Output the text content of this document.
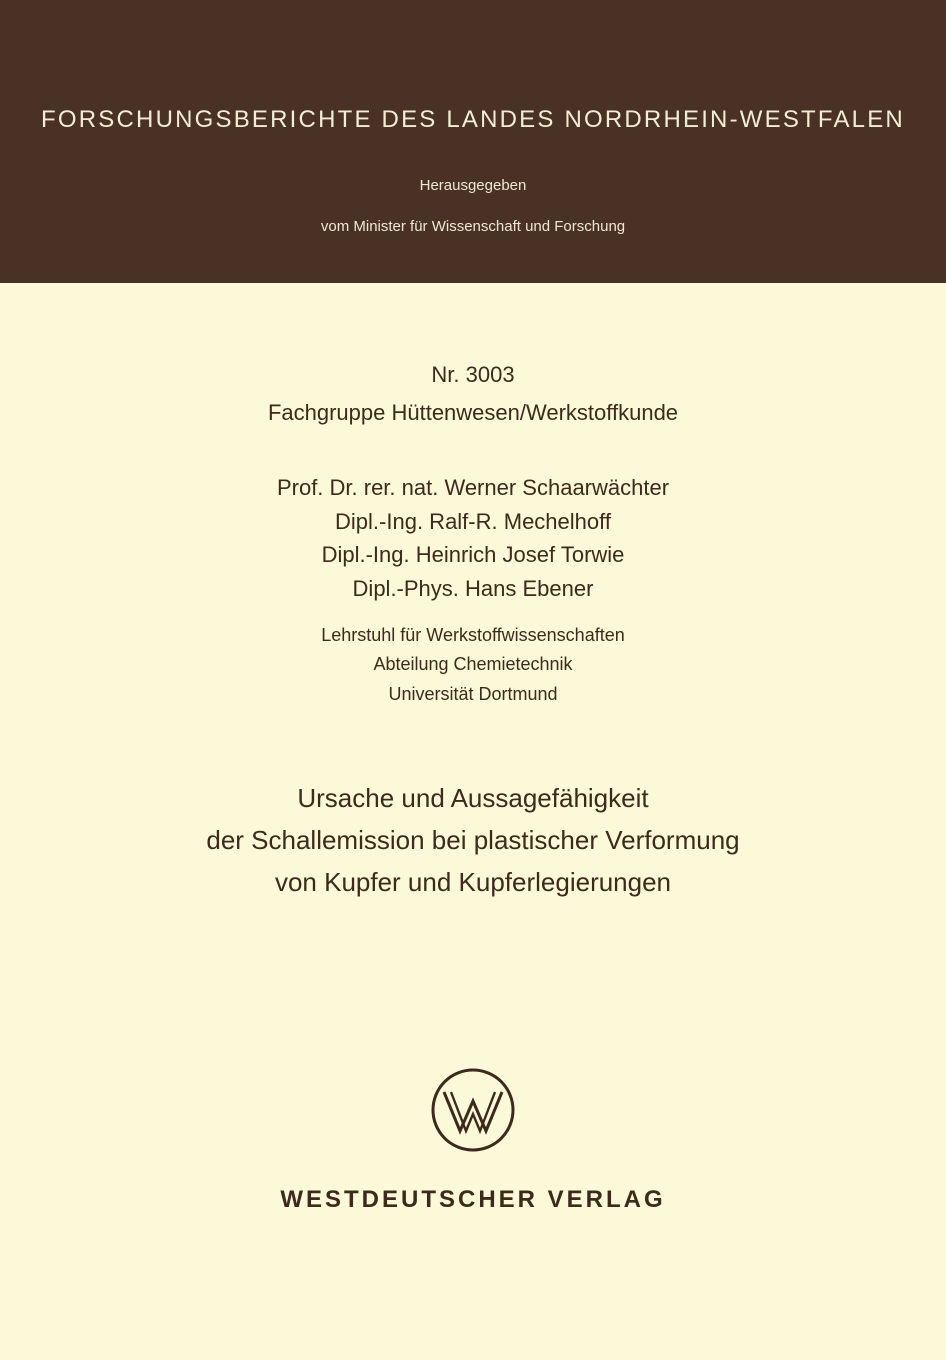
FORSCHUNGSBERICHTE DES LANDES NORDRHEIN-WESTFALEN
Herausgegeben
vom Minister für Wissenschaft und Forschung
Nr. 3003
Fachgruppe Hüttenwesen/Werkstoffkunde
Prof. Dr. rer. nat. Werner Schaarwächter
Dipl.-Ing. Ralf-R. Mechelhoff
Dipl.-Ing. Heinrich Josef Torwie
Dipl.-Phys. Hans Ebener
Lehrstuhl für Werkstoffwissenschaften
Abteilung Chemietechnik
Universität Dortmund
Ursache und Aussagefähigkeit
der Schallemission bei plastischer Verformung
von Kupfer und Kupferlegierungen
WESTDEUTSCHER VERLAG
